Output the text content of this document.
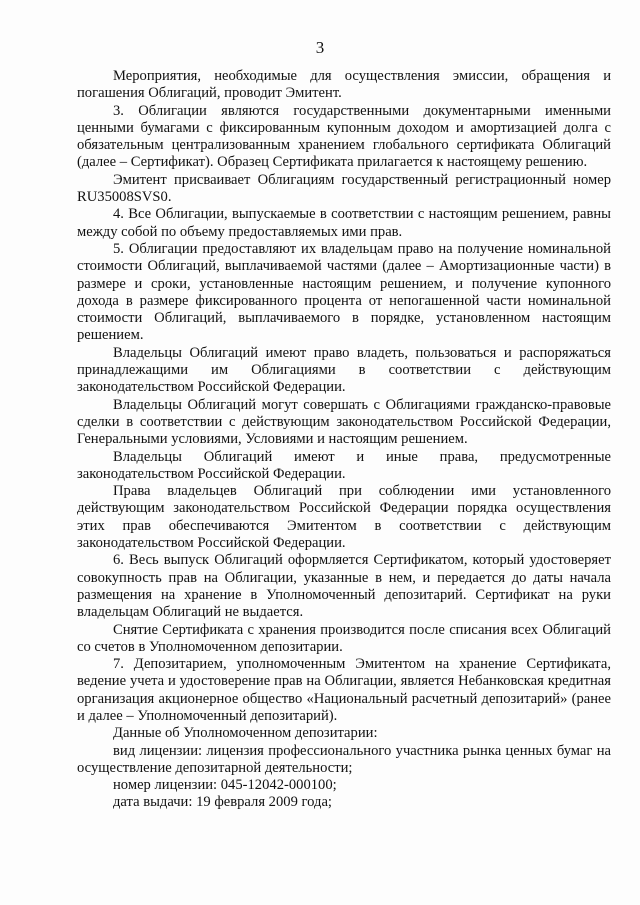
3

Мероприятия, необходимые для осуществления эмиссии, обращения и погашения Облигаций, проводит Эмитент.

3. Облигации являются государственными документарными именными ценными бумагами с фиксированным купонным доходом и амортизацией долга с обязательным централизованным хранением глобального сертификата Облигаций (далее – Сертификат). Образец Сертификата прилагается к настоящему решению.

Эмитент присваивает Облигациям государственный регистрационный номер RU35008SVS0.

4. Все Облигации, выпускаемые в соответствии с настоящим решением, равны между собой по объему предоставляемых ими прав.

5. Облигации предоставляют их владельцам право на получение номинальной стоимости Облигаций, выплачиваемой частями (далее – Амортизационные части) в размере и сроки, установленные настоящим решением, и получение купонного дохода в размере фиксированного процента от непогашенной части номинальной стоимости Облигаций, выплачиваемого в порядке, установленном настоящим решением.

Владельцы Облигаций имеют право владеть, пользоваться и распоряжаться принадлежащими им Облигациями в соответствии с действующим законодательством Российской Федерации.

Владельцы Облигаций могут совершать с Облигациями гражданско-правовые сделки в соответствии с действующим законодательством Российской Федерации, Генеральными условиями, Условиями и настоящим решением.

Владельцы Облигаций имеют и иные права, предусмотренные законодательством Российской Федерации.

Права владельцев Облигаций при соблюдении ими установленного действующим законодательством Российской Федерации порядка осуществления этих прав обеспечиваются Эмитентом в соответствии с действующим законодательством Российской Федерации.

6. Весь выпуск Облигаций оформляется Сертификатом, который удостоверяет совокупность прав на Облигации, указанные в нем, и передается до даты начала размещения на хранение в Уполномоченный депозитарий. Сертификат на руки владельцам Облигаций не выдается.

Снятие Сертификата с хранения производится после списания всех Облигаций со счетов в Уполномоченном депозитарии.

7. Депозитарием, уполномоченным Эмитентом на хранение Сертификата, ведение учета и удостоверение прав на Облигации, является Небанковская кредитная организация акционерное общество «Национальный расчетный депозитарий» (ранее и далее – Уполномоченный депозитарий).

Данные об Уполномоченном депозитарии:

вид лицензии: лицензия профессионального участника рынка ценных бумаг на осуществление депозитарной деятельности;

номер лицензии: 045-12042-000100;

дата выдачи: 19 февраля 2009 года;
